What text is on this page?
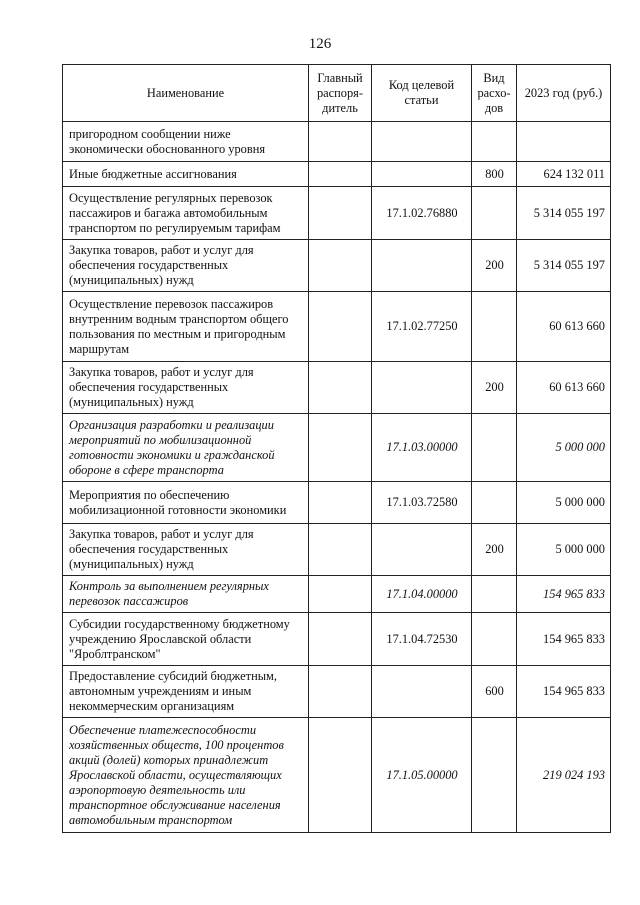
126
Наименование	Главный распоря-дитель	Код целевой статьи	Вид расхо-дов	2023 год (руб.)
пригородном сообщении ниже экономически обоснованного уровня				
Иные бюджетные ассигнования			800	624 132 011
Осуществление регулярных перевозок пассажиров и багажа автомобильным транспортом по регулируемым тарифам		17.1.02.76880		5 314 055 197
Закупка товаров, работ и услуг для обеспечения государственных (муниципальных) нужд			200	5 314 055 197
Осуществление перевозок пассажиров внутренним водным транспортом общего пользования по местным и пригородным маршрутам		17.1.02.77250		60 613 660
Закупка товаров, работ и услуг для обеспечения государственных (муниципальных) нужд			200	60 613 660
Организация разработки и реализации мероприятий по мобилизационной готовности экономики и гражданской обороне в сфере транспорта		17.1.03.00000		5 000 000
Мероприятия по обеспечению мобилизационной готовности экономики		17.1.03.72580		5 000 000
Закупка товаров, работ и услуг для обеспечения государственных (муниципальных) нужд			200	5 000 000
Контроль за выполнением регулярных перевозок пассажиров		17.1.04.00000		154 965 833
Субсидии государственному бюджетному учреждению Ярославской области "Яроблтранском"		17.1.04.72530		154 965 833
Предоставление субсидий бюджетным, автономным учреждениям и иным некоммерческим организациям			600	154 965 833
Обеспечение платежеспособности хозяйственных обществ, 100 процентов акций (долей) которых принадлежит Ярославской области, осуществляющих аэропортовую деятельность или транспортное обслуживание населения автомобильным транспортом		17.1.05.00000		219 024 193
